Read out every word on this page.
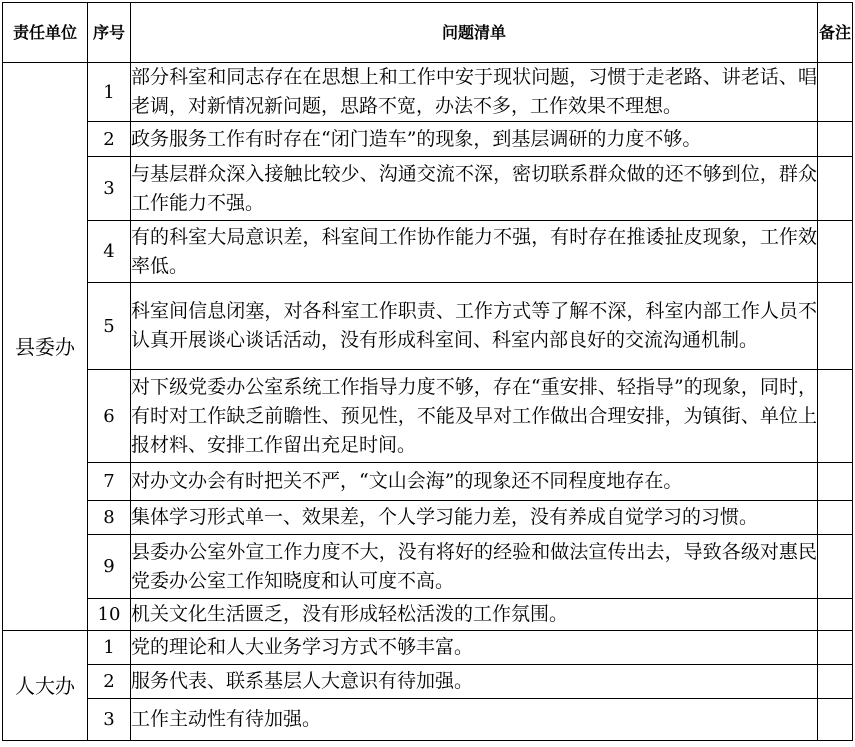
责任单位	序号	问题清单	备注
县委办	1	部分科室和同志存在在思想上和工作中安于现状问题，习惯于走老路、讲老话、唱老调，对新情况新问题，思路不宽，办法不多，工作效果不理想。	
	2	政务服务工作有时存在“闭门造车”的现象，到基层调研的力度不够。	
	3	与基层群众深入接触比较少、沟通交流不深，密切联系群众做的还不够到位，群众工作能力不强。	
	4	有的科室大局意识差，科室间工作协作能力不强，有时存在推诿扯皮现象，工作效率低。	
	5	科室间信息闭塞，对各科室工作职责、工作方式等了解不深，科室内部工作人员不认真开展谈心谈话活动，没有形成科室间、科室内部良好的交流沟通机制。	
	6	对下级党委办公室系统工作指导力度不够，存在“重安排、轻指导”的现象，同时，有时对工作缺乏前瞻性、预见性，不能及早对工作做出合理安排，为镇街、单位上报材料、安排工作留出充足时间。	
	7	对办文办会有时把关不严，“文山会海”的现象还不同程度地存在。	
	8	集体学习形式单一、效果差，个人学习能力差，没有养成自觉学习的习惯。	
	9	县委办公室外宣工作力度不大，没有将好的经验和做法宣传出去，导致各级对惠民党委办公室工作知晓度和认可度不高。	
	10	机关文化生活匮乏，没有形成轻松活泼的工作氛围。	
人大办	1	党的理论和人大业务学习方式不够丰富。	
	2	服务代表、联系基层人大意识有待加强。	
	3	工作主动性有待加强。	
